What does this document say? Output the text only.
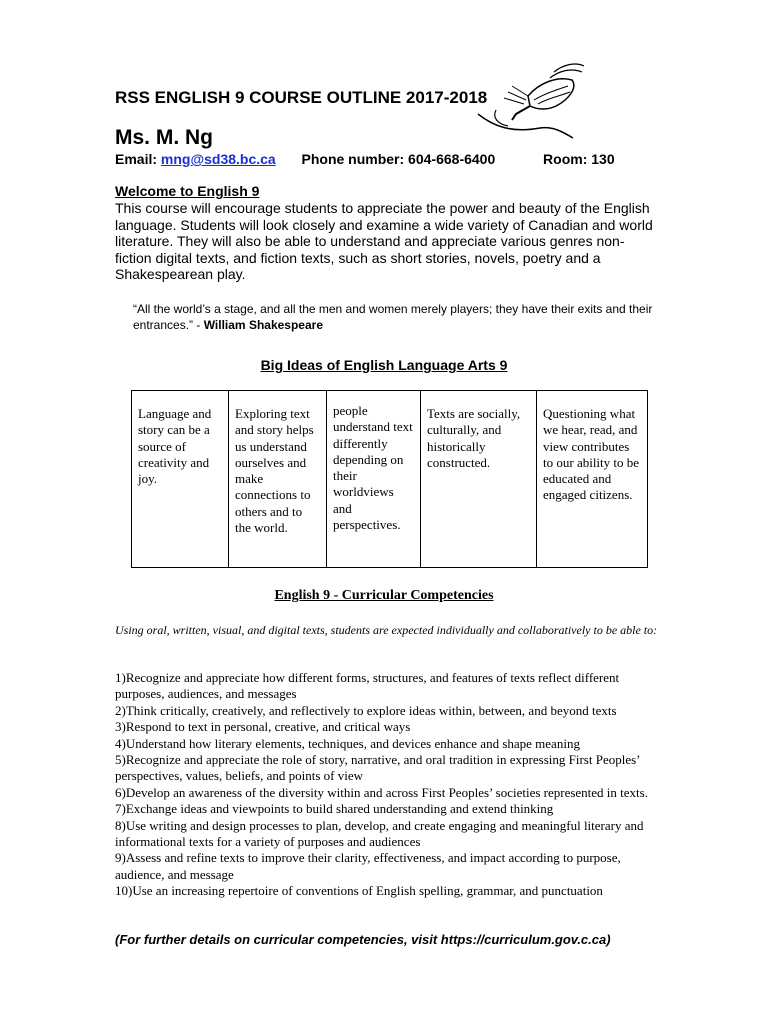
RSS ENGLISH 9 COURSE OUTLINE 2017-2018
Ms. M. Ng
Email: mng@sd38.bc.ca Phone number: 604-668-6400	Room: 130
Welcome to English 9
This course will encourage students to appreciate the power and beauty of the English language. Students will look closely and examine a wide variety of Canadian and world literature. They will also be able to understand and appreciate various genres non-fiction digital texts, and fiction texts, such as short stories, novels, poetry and a Shakespearean play.
“All the world’s a stage, and all the men and women merely players; they have their exits and their entrances.” - William Shakespeare
Big Ideas of English Language Arts 9
Language and story can be a source of creativity and joy.	Exploring text and story helps us understand ourselves and make connections to others and to the world.	people understand text differently depending on their worldviews and perspectives.	Texts are socially, culturally, and historically constructed.	Questioning what we hear, read, and view contributes to our ability to be educated and engaged citizens.
English 9 - Curricular Competencies
Using oral, written, visual, and digital texts, students are expected individually and collaboratively to be able to:
1)Recognize and appreciate how different forms, structures, and features of texts reflect different purposes, audiences, and messages
2)Think critically, creatively, and reflectively to explore ideas within, between, and beyond texts
3)Respond to text in personal, creative, and critical ways
4)Understand how literary elements, techniques, and devices enhance and shape meaning
5)Recognize and appreciate the role of story, narrative, and oral tradition in expressing First Peoples’ perspectives, values, beliefs, and points of view
6)Develop an awareness of the diversity within and across First Peoples’ societies represented in texts.
7)Exchange ideas and viewpoints to build shared understanding and extend thinking
8)Use writing and design processes to plan, develop, and create engaging and meaningful literary and informational texts for a variety of purposes and audiences
9)Assess and refine texts to improve their clarity, effectiveness, and impact according to purpose, audience, and message
10)Use an increasing repertoire of conventions of English spelling, grammar, and punctuation
(For further details on curricular competencies, visit https://curriculum.gov.c.ca)
